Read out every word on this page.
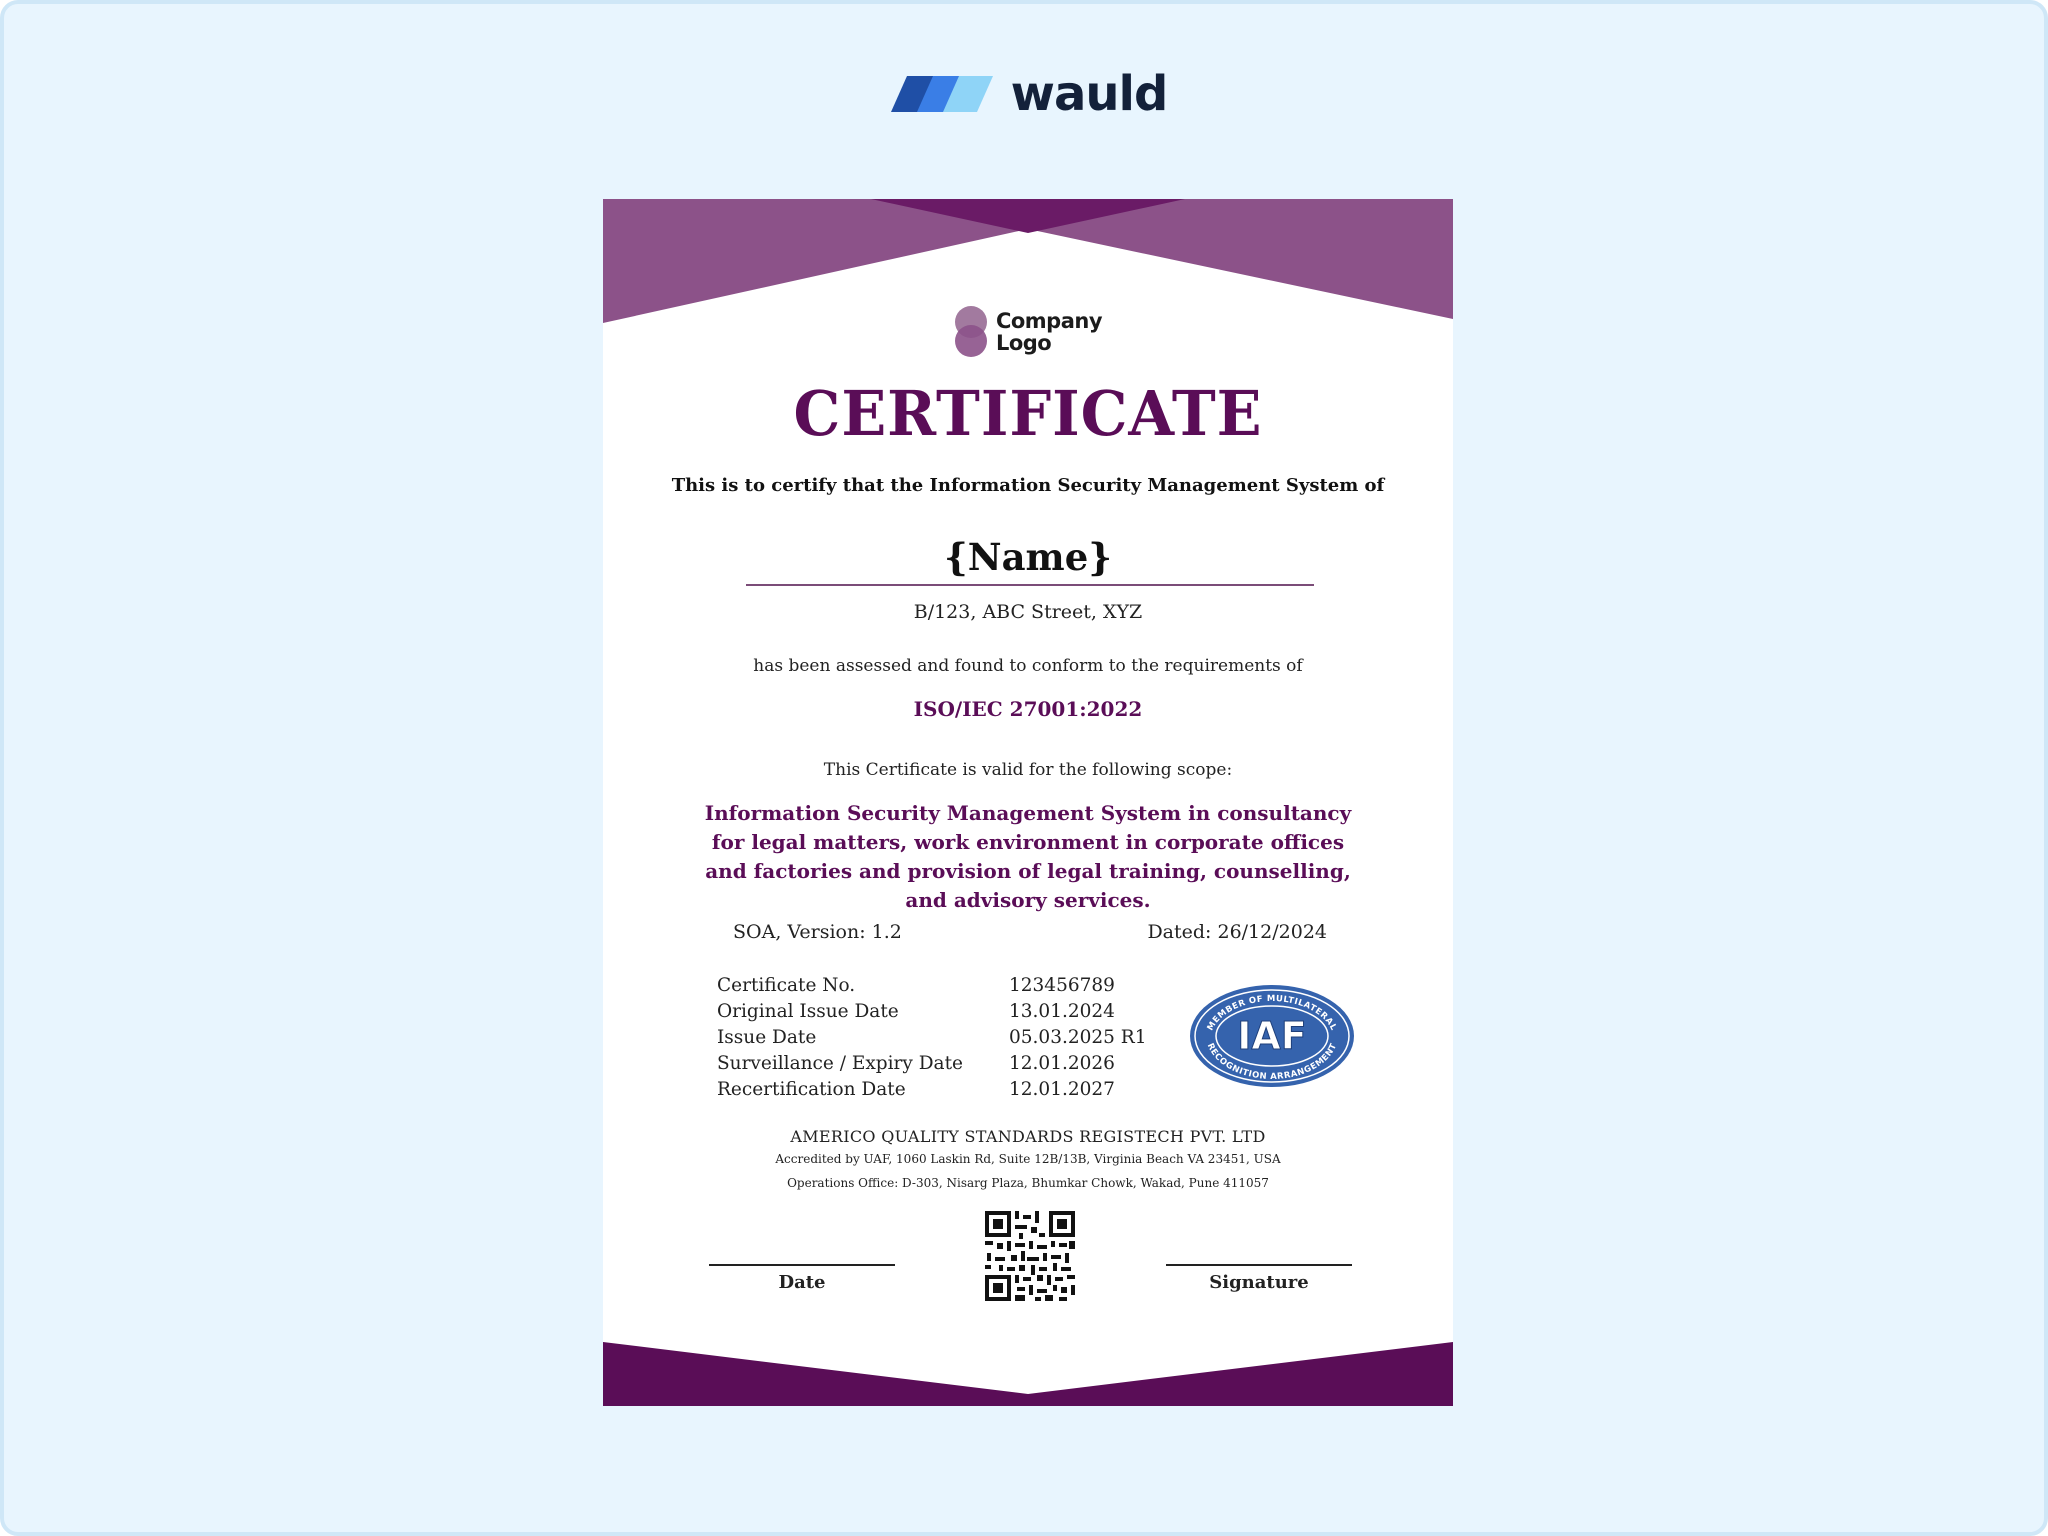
wauld
Company
Logo
CERTIFICATE
This is to certify that the Information Security Management System of
{Name}
B/123, ABC Street, XYZ
has been assessed and found to conform to the requirements of
ISO/IEC 27001:2022
This Certificate is valid for the following scope:
Information Security Management System in consultancy for legal matters, work environment in corporate offices and factories and provision of legal training, counselling, and advisory services.
SOA, Version: 1.2	Dated: 26/12/2024
Certificate No.	123456789
Original Issue Date	13.01.2024
Issue Date	05.03.2025 R1
Surveillance / Expiry Date	12.01.2026
Recertification Date	12.01.2027
MEMBER OF MULTILATERAL
RECOGNITION ARRANGEMENT
IAF
AMERICO QUALITY STANDARDS REGISTECH PVT. LTD
Accredited by UAF, 1060 Laskin Rd, Suite 12B/13B, Virginia Beach VA 23451, USA
Operations Office: D-303, Nisarg Plaza, Bhumkar Chowk, Wakad, Pune 411057
Date	Signature
